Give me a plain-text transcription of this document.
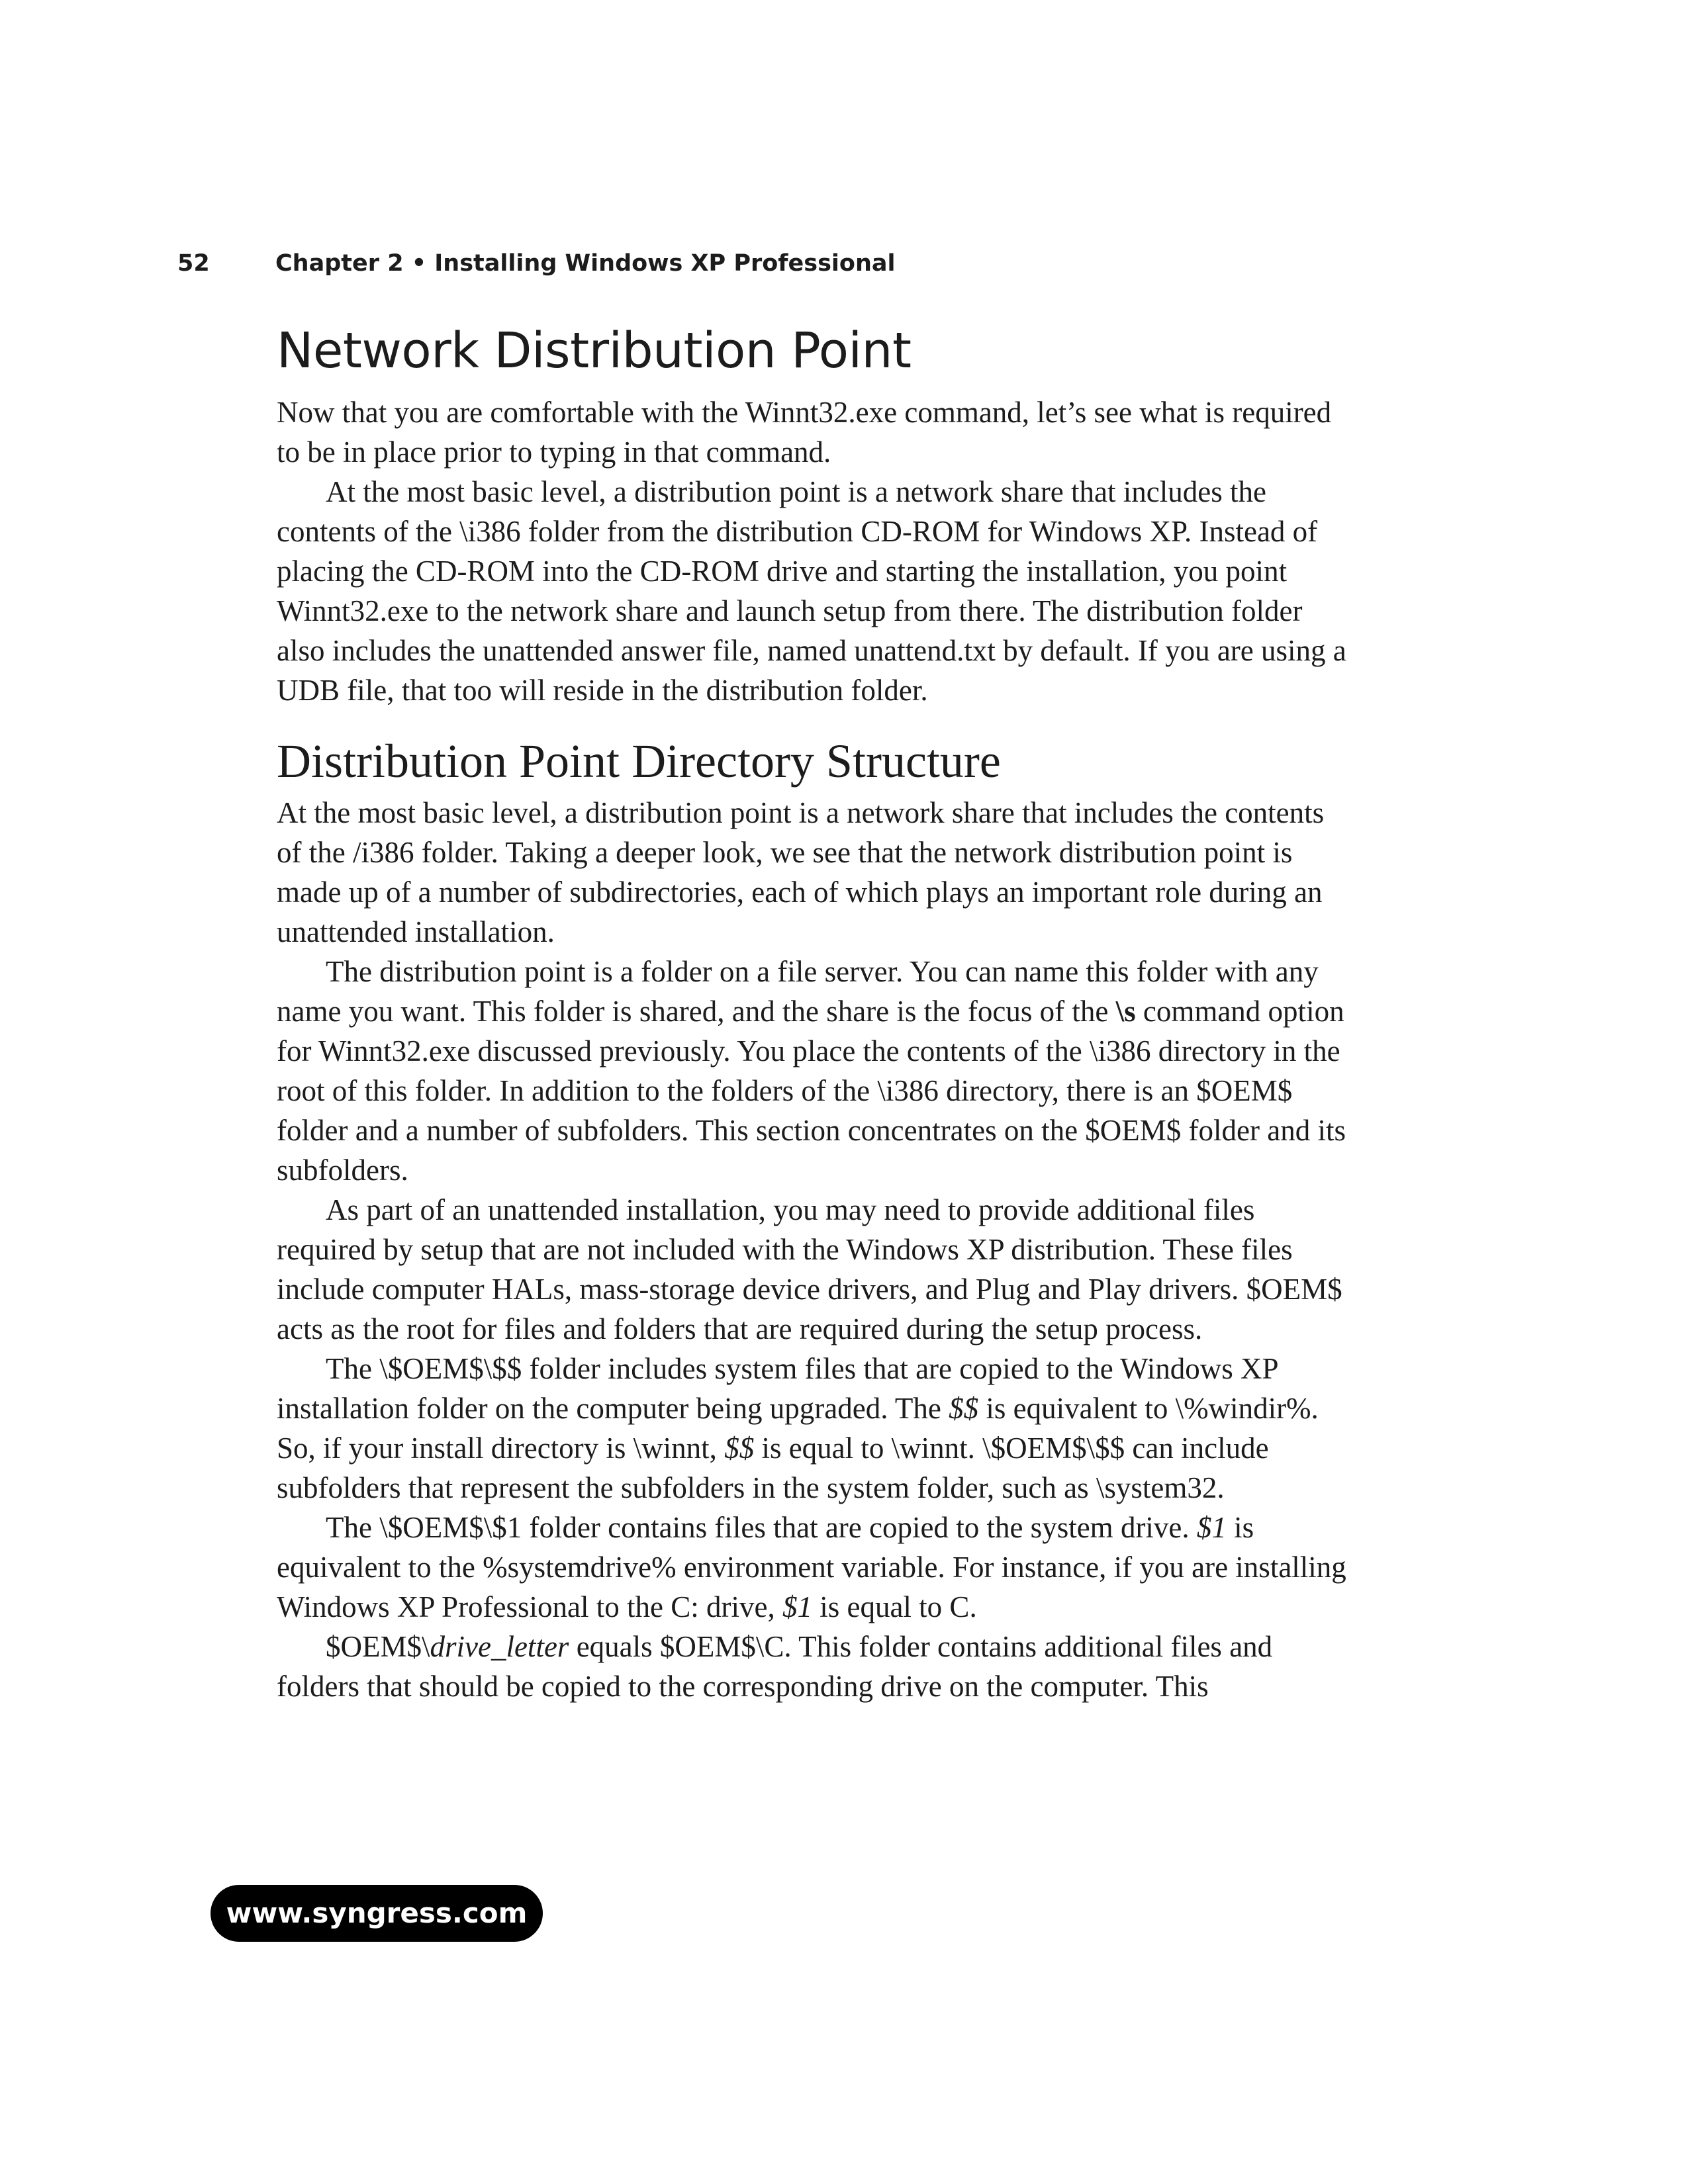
52	Chapter 2 • Installing Windows XP Professional
Network Distribution Point

Now that you are comfortable with the Winnt32.exe command, let’s see what is required to be in place prior to typing in that command.

At the most basic level, a distribution point is a network share that includes the contents of the \i386 folder from the distribution CD-ROM for Windows XP. Instead of placing the CD-ROM into the CD-ROM drive and starting the installation, you point Winnt32.exe to the network share and launch setup from there. The distribution folder also includes the unattended answer file, named unattend.txt by default. If you are using a UDB file, that too will reside in the distribution folder.

Distribution Point Directory Structure

At the most basic level, a distribution point is a network share that includes the contents of the /i386 folder. Taking a deeper look, we see that the network distribution point is made up of a number of subdirectories, each of which plays an important role during an unattended installation.

The distribution point is a folder on a file server. You can name this folder with any name you want. This folder is shared, and the share is the focus of the \s command option for Winnt32.exe discussed previously. You place the contents of the \i386 directory in the root of this folder. In addition to the folders of the \i386 directory, there is an $OEM$ folder and a number of subfolders. This section concentrates on the $OEM$ folder and its subfolders.

As part of an unattended installation, you may need to provide additional files required by setup that are not included with the Windows XP distribution. These files include computer HALs, mass-storage device drivers, and Plug and Play drivers. $OEM$ acts as the root for files and folders that are required during the setup process.

The \$OEM$\$$ folder includes system files that are copied to the Windows XP installation folder on the computer being upgraded. The $$ is equivalent to \%windir%. So, if your install directory is \winnt, $$ is equal to \winnt. \$OEM$\$$ can include subfolders that represent the subfolders in the system folder, such as \system32.

The \$OEM$\$1 folder contains files that are copied to the system drive. $1 is equivalent to the %systemdrive% environment variable. For instance, if you are installing Windows XP Professional to the C: drive, $1 is equal to C.

$OEM$\drive_letter equals $OEM$\C. This folder contains additional files and folders that should be copied to the corresponding drive on the computer. This

www.syngress.com
